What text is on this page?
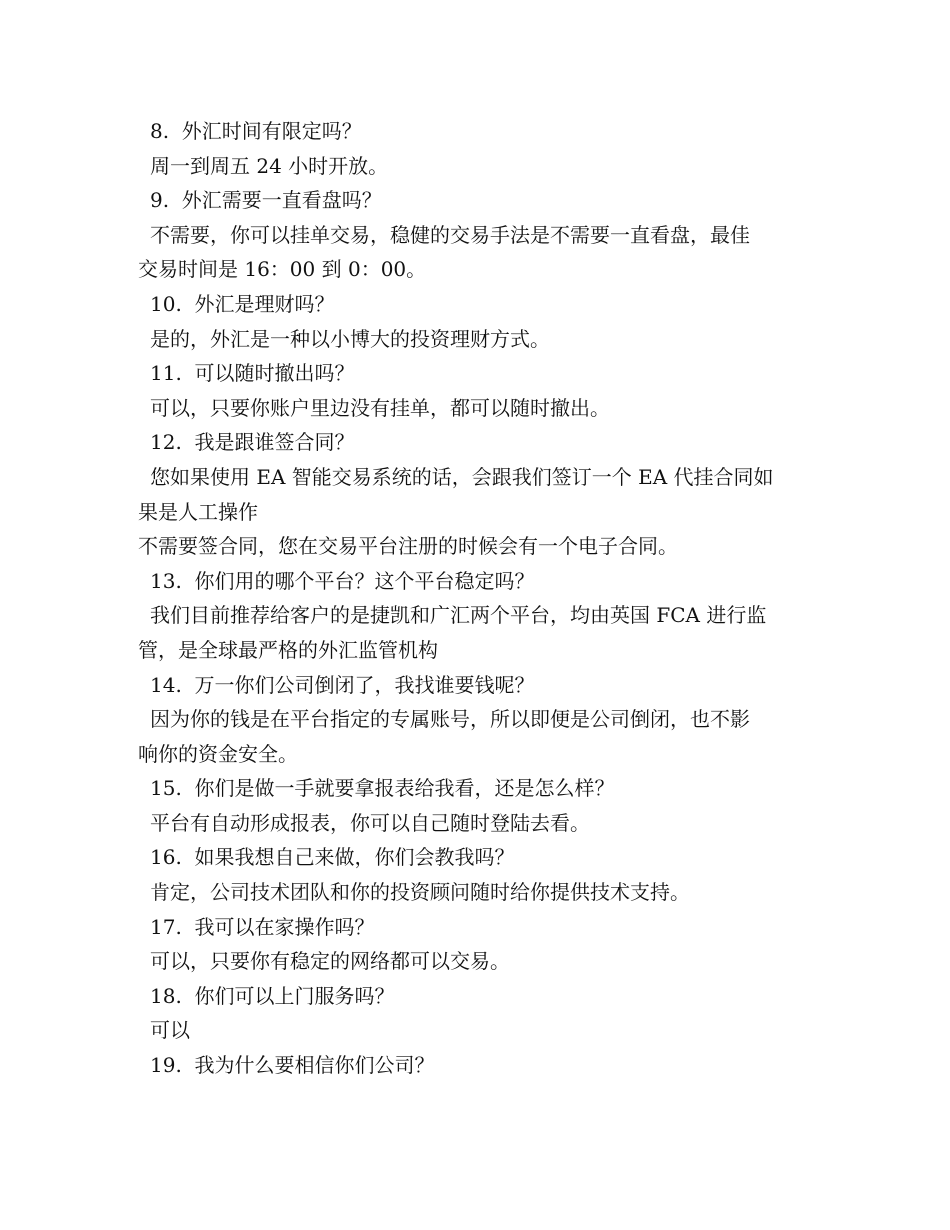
8.  外汇时间有限定吗？

周一到周五 24 小时开放。

9.  外汇需要一直看盘吗？

不需要，你可以挂单交易，稳健的交易手法是不需要一直看盘，最佳

交易时间是 16：00 到 0：00。

10.  外汇是理财吗？

是的，外汇是一种以小博大的投资理财方式。

11.  可以随时撤出吗？

可以，只要你账户里边没有挂单，都可以随时撤出。

12.  我是跟谁签合同？

您如果使用 EA 智能交易系统的话，会跟我们签订一个 EA 代挂合同如

果是人工操作

不需要签合同，您在交易平台注册的时候会有一个电子合同。

13.  你们用的哪个平台？这个平台稳定吗？

我们目前推荐给客户的是捷凯和广汇两个平台，均由英国 FCA 进行监

管，是全球最严格的外汇监管机构

14.  万一你们公司倒闭了，我找谁要钱呢？

因为你的钱是在平台指定的专属账号，所以即便是公司倒闭，也不影

响你的资金安全。

15.  你们是做一手就要拿报表给我看，还是怎么样？

平台有自动形成报表，你可以自己随时登陆去看。

16.  如果我想自己来做，你们会教我吗？

肯定，公司技术团队和你的投资顾问随时给你提供技术支持。

17.  我可以在家操作吗？

可以，只要你有稳定的网络都可以交易。

18.  你们可以上门服务吗？

可以

19.  我为什么要相信你们公司？
